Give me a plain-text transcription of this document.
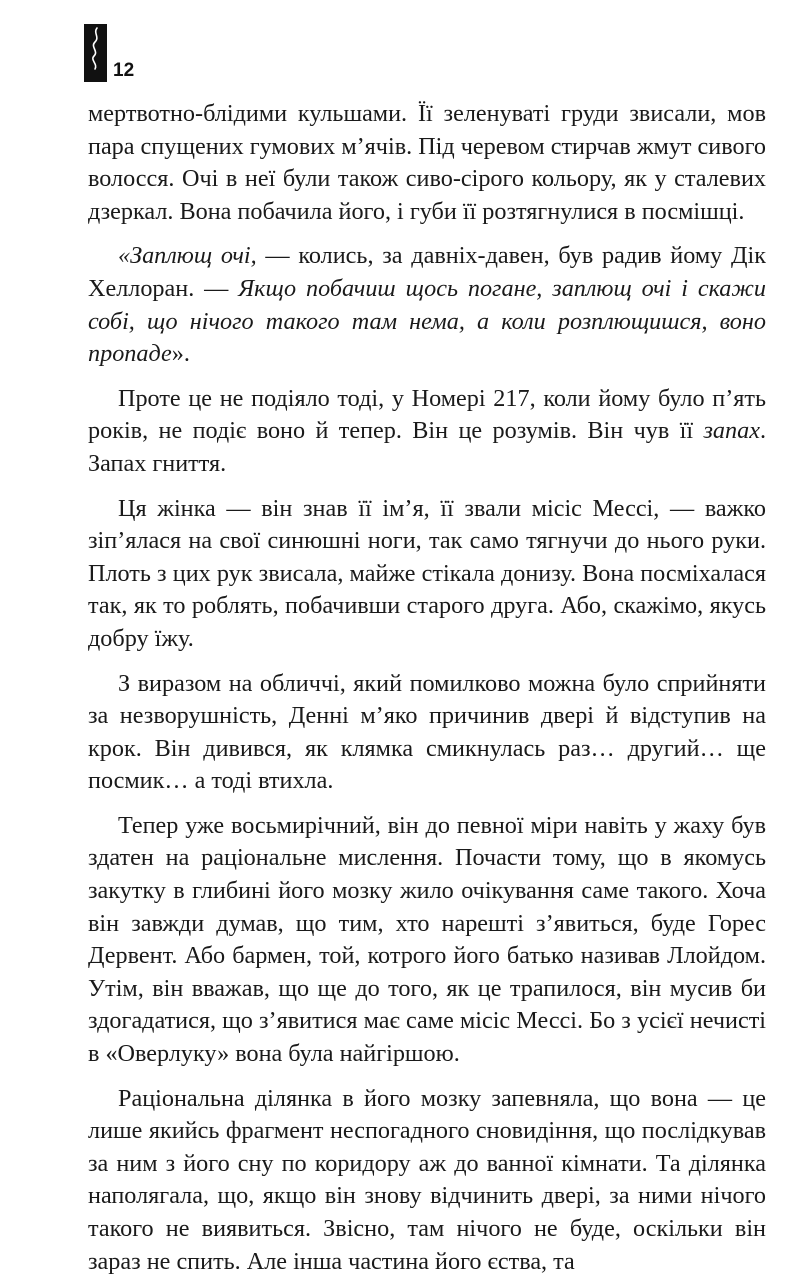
12

мертвотно-блідими кульшами. Її зеленуваті груди звисали, мов пара спущених гумових м’ячів. Під черевом стирчав жмут сивого волосся. Очі в неї були також сиво-сірого кольору, як у сталевих дзеркал. Вона побачила його, і губи її розтягнулися в посмішці.

«Заплющ очі, — колись, за давніх-давен, був радив йому Дік Хеллоран. — Якщо побачиш щось погане, заплющ очі і скажи собі, що нічого такого там нема, а коли розплющишся, воно пропаде».

Проте це не подіяло тоді, у Номері 217, коли йому було п’ять років, не подіє воно й тепер. Він це розумів. Він чув її запах. Запах гниття.

Ця жінка — він знав її ім’я, її звали місіс Мессі, — важко зіп’ялася на свої синюшні ноги, так само тягнучи до нього руки. Плоть з цих рук звисала, майже стікала донизу. Вона посміхалася так, як то роблять, побачивши старого друга. Або, скажімо, якусь добру їжу.

З виразом на обличчі, який помилково можна було сприйняти за незворушність, Денні м’яко причинив двері й відступив на крок. Він дивився, як клямка смикнулась раз… другий… ще посмик… а тоді втихла.

Тепер уже восьмирічний, він до певної міри навіть у жаху був здатен на раціональне мислення. Почасти тому, що в якомусь закутку в глибині його мозку жило очікування саме такого. Хоча він завжди думав, що тим, хто нарешті з’явиться, буде Горес Дервент. Або бармен, той, котрого його батько називав Ллойдом. Утім, він вважав, що ще до того, як це трапилося, він мусив би здогадатися, що з’явитися має саме місіс Мессі. Бо з усієї нечисті в «Оверлуку» вона була найгіршою.

Раціональна ділянка в його мозку запевняла, що вона — це лише якийсь фрагмент неспогадного сновидіння, що послідкував за ним з його сну по коридору аж до ванної кімнати. Та ділянка наполягала, що, якщо він знову відчинить двері, за ними нічого такого не виявиться. Звісно, там нічого не буде, оскільки він зараз не спить. Але інша частина його єства, та
